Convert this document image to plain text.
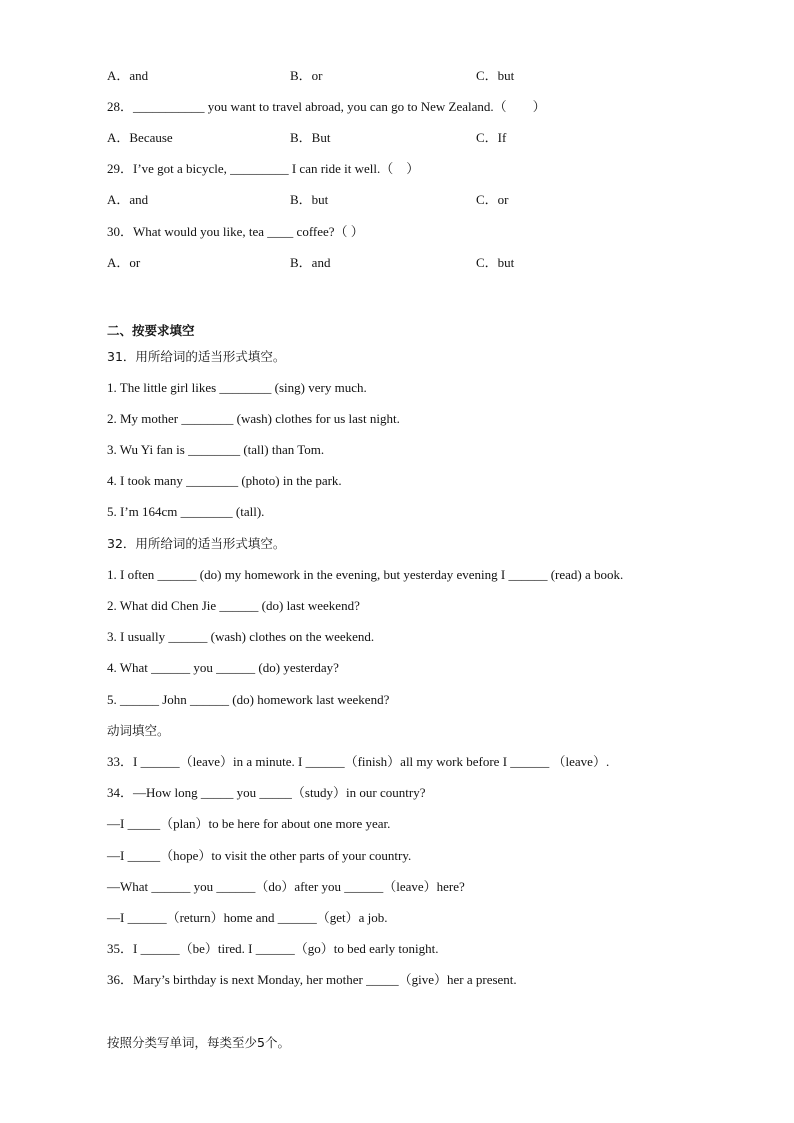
A．and	B．or	C．but
28．___________ you want to travel abroad, you can go to New Zealand.（　　）
A．Because	B．But	C．If
29．I’ve got a bicycle, _________ I can ride it well.（　）
A．and	B．but	C．or
30．What would you like, tea ____ coffee?（ ）
A．or	B．and	C．but
二、按要求填空
31．用所给词的适当形式填空。
1. The little girl likes ________ (sing) very much.
2. My mother ________ (wash) clothes for us last night.
3. Wu Yi fan is ________ (tall) than Tom.
4. I took many ________ (photo) in the park.
5. I’m 164cm ________ (tall).
32．用所给词的适当形式填空。
1. I often ______ (do) my homework in the evening, but yesterday evening I ______ (read) a book.
2. What did Chen Jie ______ (do) last weekend?
3. I usually ______ (wash) clothes on the weekend.
4. What ______ you ______ (do) yesterday?
5. ______ John ______ (do) homework last weekend?
动词填空。
33．I ______（leave）in a minute. I ______（finish）all my work before I ______ （leave）.
34．—How long _____ you _____（study）in our country?
—I _____（plan）to be here for about one more year.
—I _____（hope）to visit the other parts of your country.
—What ______ you ______（do）after you ______（leave）here?
—I ______（return）home and ______（get）a job.
35．I ______（be）tired. I ______（go）to bed early tonight.
36．Mary’s birthday is next Monday, her mother _____（give）her a present.
按照分类写单词，每类至少5个。
